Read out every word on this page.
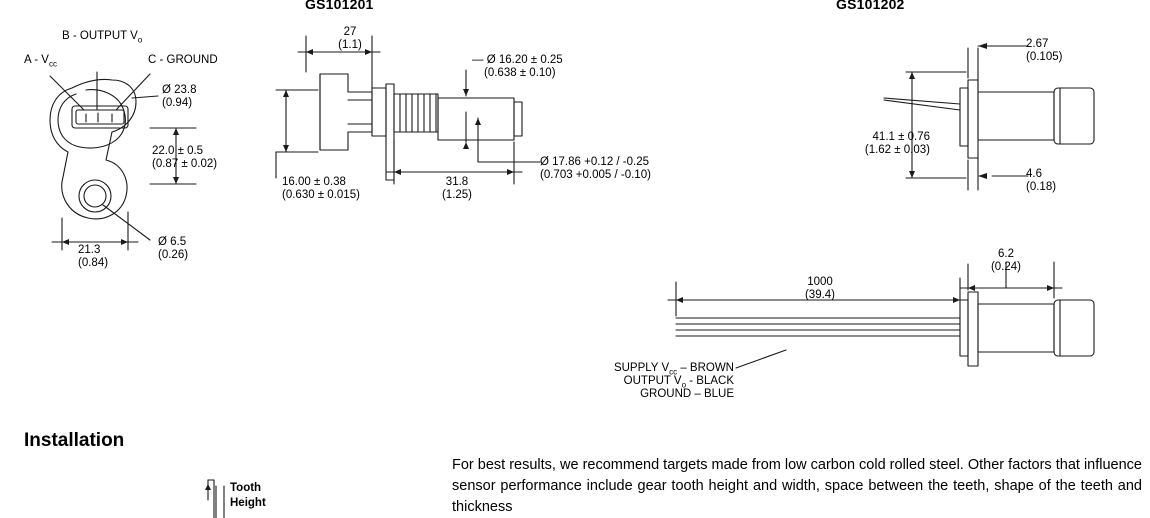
GS101201	GS101202
B - OUTPUT $V_o$
A - $V_{cc}$	C - GROUND
Ø 23.8
(0.94)
22.0 ± 0.5
(0.87 ± 0.02)
21.3
(0.84)
Ø 6.5
(0.26)
27
(1.1)
— Ø 16.20 ± 0.25
(0.638 ± 0.10)
16.00 ± 0.38
(0.630 ± 0.015)
31.8
(1.25)
Ø 17.86 +0.12 / -0.25
(0.703 +0.005 / -0.10)
2.67
(0.105)
41.1 ± 0.76
(1.62 ± 0.03)
4.6
(0.18)
6.2
(0.24)
1000
(39.4)
SUPPLY $V_{cc}$ – BROWN
OUTPUT $V_o$ - BLACK
GROUND – BLUE
Installation
Tooth
Height
For best results, we recommend targets made from low carbon cold rolled steel. Other factors that influence sensor performance include gear tooth height and width, space between the teeth, shape of the teeth and thickness
